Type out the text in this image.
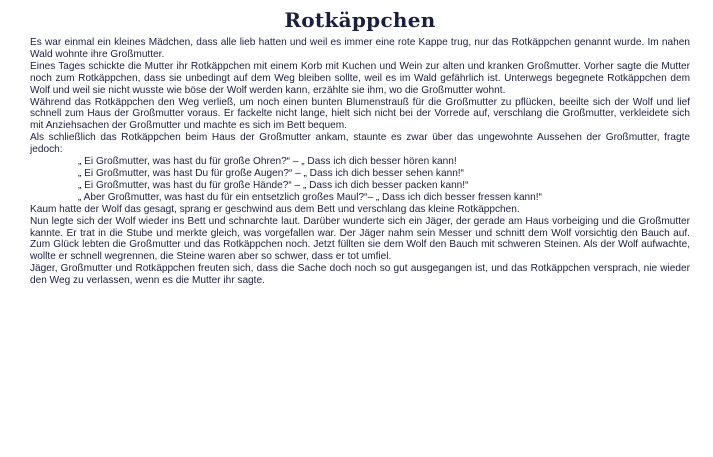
Rotkäppchen

Es war einmal ein kleines Mädchen, dass alle lieb hatten und weil es immer eine rote Kappe trug, nur das Rotkäppchen genannt wurde. Im nahen Wald wohnte ihre Großmutter.

Eines Tages schickte die Mutter ihr Rotkäppchen mit einem Korb mit Kuchen und Wein zur alten und kranken Großmutter. Vorher sagte die Mutter noch zum Rotkäppchen, dass sie unbedingt auf dem Weg bleiben sollte, weil es im Wald gefährlich ist. Unterwegs begegnete Rotkäppchen dem Wolf und weil sie nicht wusste wie böse der Wolf werden kann, erzählte sie ihm, wo die Großmutter wohnt.

Während das Rotkäppchen den Weg verließ, um noch einen bunten Blumenstrauß für die Großmutter zu pflücken, beeilte sich der Wolf und lief schnell zum Haus der Großmutter voraus. Er fackelte nicht lange, hielt sich nicht bei der Vorrede auf, verschlang die Großmutter, verkleidete sich mit Anziehsachen der Großmutter und machte es sich im Bett bequem.

Als schließlich das Rotkäppchen beim Haus der Großmutter ankam, staunte es zwar über das ungewohnte Aussehen der Großmutter, fragte jedoch:

„ Ei Großmutter, was hast du für große Ohren?“ – „ Dass ich dich besser hören kann!

„ Ei Großmutter, was hast Du für große Augen?“ – „ Dass ich dich besser sehen kann!“

„ Ei Großmutter, was hast du für große Hände?“ – „ Dass ich dich besser packen kann!“

„ Aber Großmutter, was hast du für ein entsetzlich großes Maul?“– „ Dass ich dich besser fressen kann!“

Kaum hatte der Wolf das gesagt, sprang er geschwind aus dem Bett und verschlang das kleine Rotkäppchen.

Nun legte sich der Wolf wieder ins Bett und schnarchte laut. Darüber wunderte sich ein Jäger, der gerade am Haus vorbeiging und die Großmutter kannte. Er trat in die Stube und merkte gleich, was vorgefallen war. Der Jäger nahm sein Messer und schnitt dem Wolf vorsichtig den Bauch auf. Zum Glück lebten die Großmutter und das Rotkäppchen noch. Jetzt füllten sie dem Wolf den Bauch mit schweren Steinen. Als der Wolf aufwachte, wollte er schnell wegrennen, die Steine waren aber so schwer, dass er tot umfiel.

Jäger, Großmutter und Rotkäppchen freuten sich, dass die Sache doch noch so gut ausgegangen ist, und das Rotkäppchen versprach, nie wieder den Weg zu verlassen, wenn es die Mutter ihr sagte.
